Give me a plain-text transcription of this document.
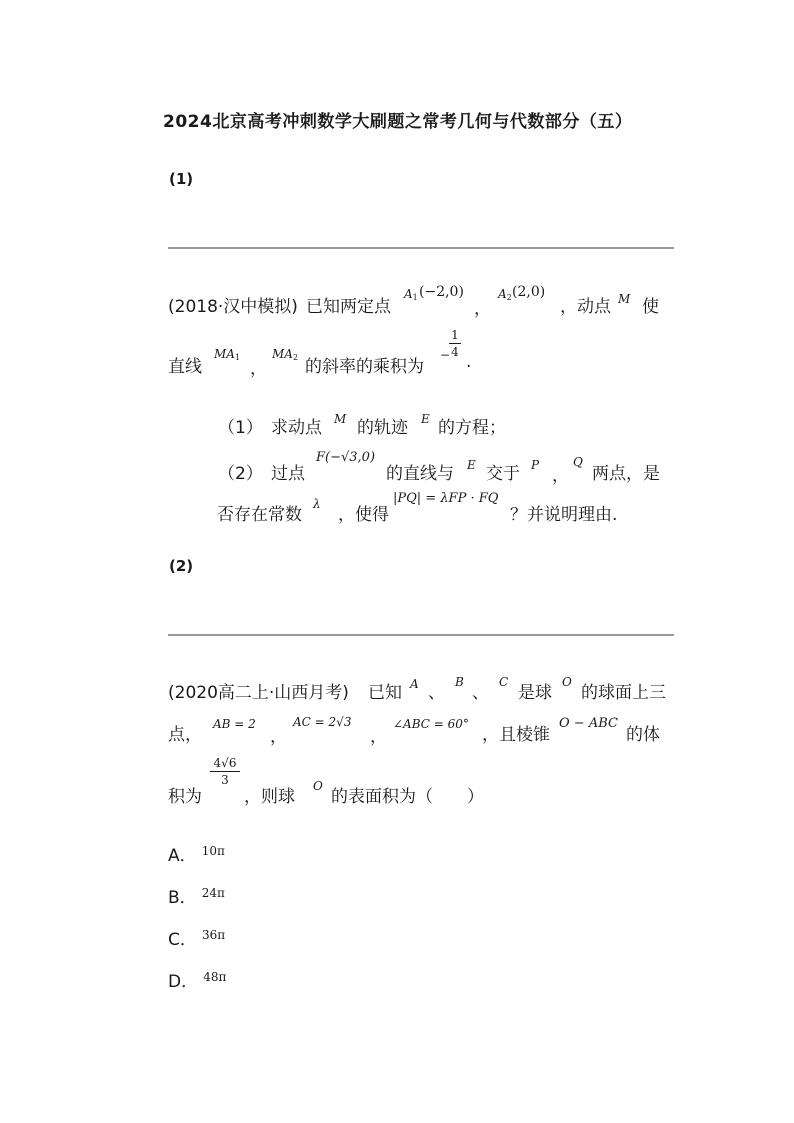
2024北京高考冲刺数学大刷题之常考几何与代数部分（五）
(1)
(2018·汉中模拟) 已知两定点
$A_1$ (−2,0)
，
$A_2$ (2,0)
，动点 M 使
直线
$MA_1$
，
$MA_2$ 的斜率的乘积为
−
1
4 .
（1） 求动点 M 的轨迹 E 的方程；
（2） 过点
F(−√3,0)
的直线与 E 交于 P
，
Q
两点，是
否存在常数
λ
，使得
|PQ| = λFP · FQ
？并说明理由.
(2)
(2020高二上·山西月考) 已知 A 、
B
、
C
是球
O
的球面上三
点，
AB = 2
，
AC = 2√3
，
∠ABC = 60°
，且棱锥
O − ABC
的体
积为
4√6
3
，则球
O
的表面积为（　　）
A． $^{10\pi}$
B． $^{24\pi}$
C． $^{36\pi}$
D． $^{48\pi}$
